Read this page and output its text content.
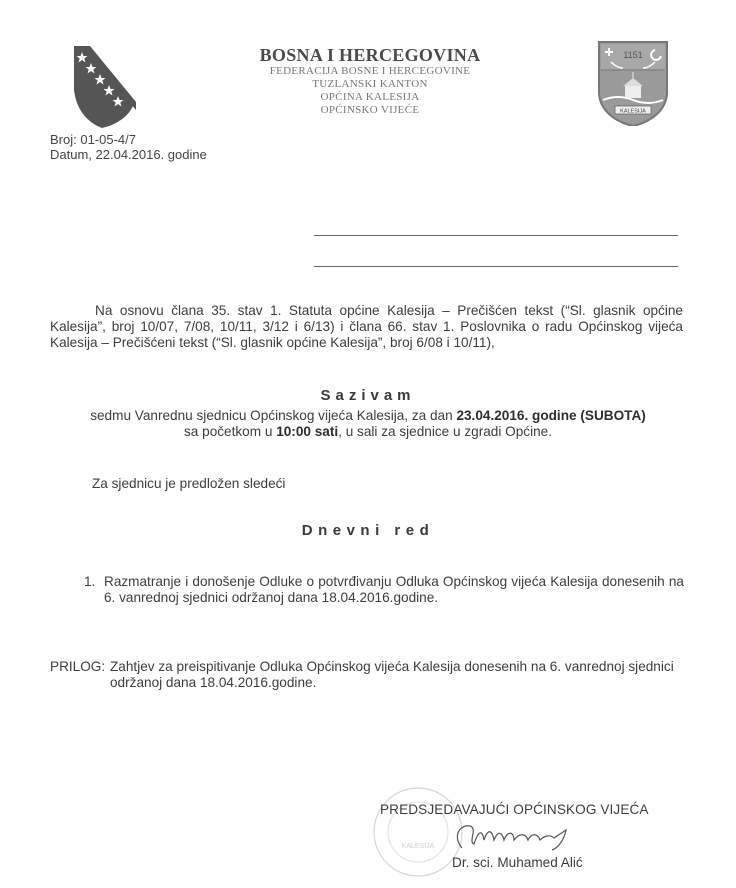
BOSNA I HERCEGOVINA
FEDERACIJA BOSNE I HERCEGOVINE
TUZLANSKI KANTON
OPĆINA KALESIJA
OPĆINSKO VIJEĆE
1151
KALESIJA
Broj: 01-05-4/7
Datum, 22.04.2016. godine
Na osnovu člana 35. stav 1. Statuta općine Kalesija – Prečišćen tekst (“Sl. glasnik općine Kalesija”, broj 10/07, 7/08, 10/11, 3/12 i 6/13) i člana 66. stav 1. Poslovnika o radu Općinskog vijeća Kalesija – Prečišćeni tekst (“Sl. glasnik općine Kalesija”, broj 6/08 i 10/11),
Sazivam
sedmu Vanrednu sjednicu Općinskog vijeća Kalesija, za dan 23.04.2016. godine (SUBOTA)
sa početkom u 10:00 sati, u sali za sjednice u zgradi Općine.
Za sjednicu je predložen sledeći
Dnevni red
1. Razmatranje i donošenje Odluke o potvrđivanju Odluka Općinskog vijeća Kalesija donesenih na 6. vanrednoj sjednici održanoj dana 18.04.2016.godine.
PRILOG: Zahtjev za preispitivanje Odluka Općinskog vijeća Kalesija donesenih na 6. vanrednoj sjednici održanoj dana 18.04.2016.godine.
KALESIJA
PREDSJEDAVAJUĆI OPĆINSKOG VIJEĆA
Dr. sci. Muhamed Alić
